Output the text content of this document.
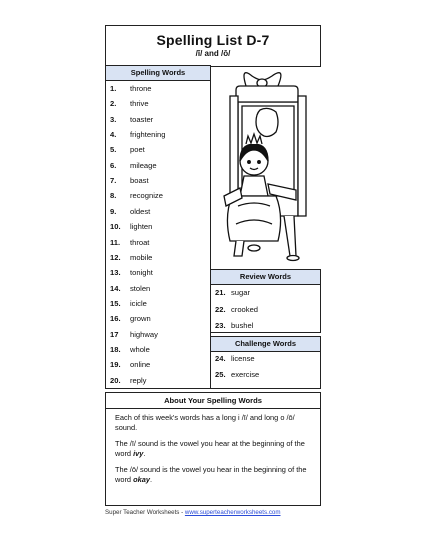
Spelling List D-7
/ī/ and /ō/
Spelling Words
1. throne
2. thrive
3. toaster
4. frightening
5. poet
6. mileage
7. boast
8. recognize
9. oldest
10. lighten
11. throat
12. mobile
13. tonight
14. stolen
15. icicle
16. grown
17 highway
18. whole
19. online
20. reply
Review Words
21. sugar
22. crooked
23. bushel
Challenge Words
24. license
25. exercise
About Your Spelling Words

Each of this week's words has a long i /ī/ and long o /ō/ sound.

The /ī/ sound is the vowel you hear at the beginning of the word ivy.

The /ō/ sound is the vowel you hear in the beginning of the word okay.

Super Teacher Worksheets - www.superteacherworksheets.com
